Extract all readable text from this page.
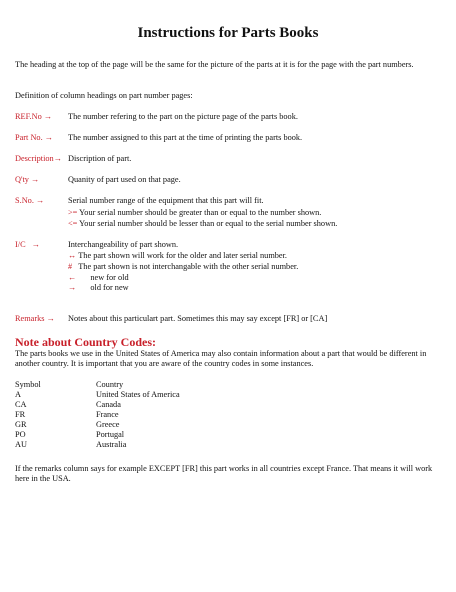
Instructions for Parts Books

The heading at the top of the page will be the same for the picture of the parts at it is for the page with the part numbers.

Definition of column headings on part number pages:

REF.No → The number refering to the part on the picture page of the parts book.
Part No. → The number assigned to this part at the time of printing the parts book.
Description→ Discription of part.
Q'ty →	Quanity of part used on that page.
S.No. →	Serial number range of the equipment that this part will fit.
>= Your serial number should be greater than or equal to the number shown.
<= Your serial number should be lesser than or equal to the serial number shown.
I/C →	Interchangeability of part shown.
↔ The part shown will work for the older and later serial number.
# The part shown is not interchangable with the other serial number.
← new for old
→ old for new
Remarks → Notes about this particulart part. Sometimes this may say except [FR] or [CA]
Note about Country Codes:

The parts books we use in the United States of America may also contain information about a part that would be different in another country. It is important that you are aware of the country codes in some instances.

Symbol	Country
A	United States of America
CA	Canada
FR	France
GR	Greece
PO	Portugal
AU	Australia

If the remarks column says for example EXCEPT [FR] this part works in all countries except France. That means it will work here in the USA.
